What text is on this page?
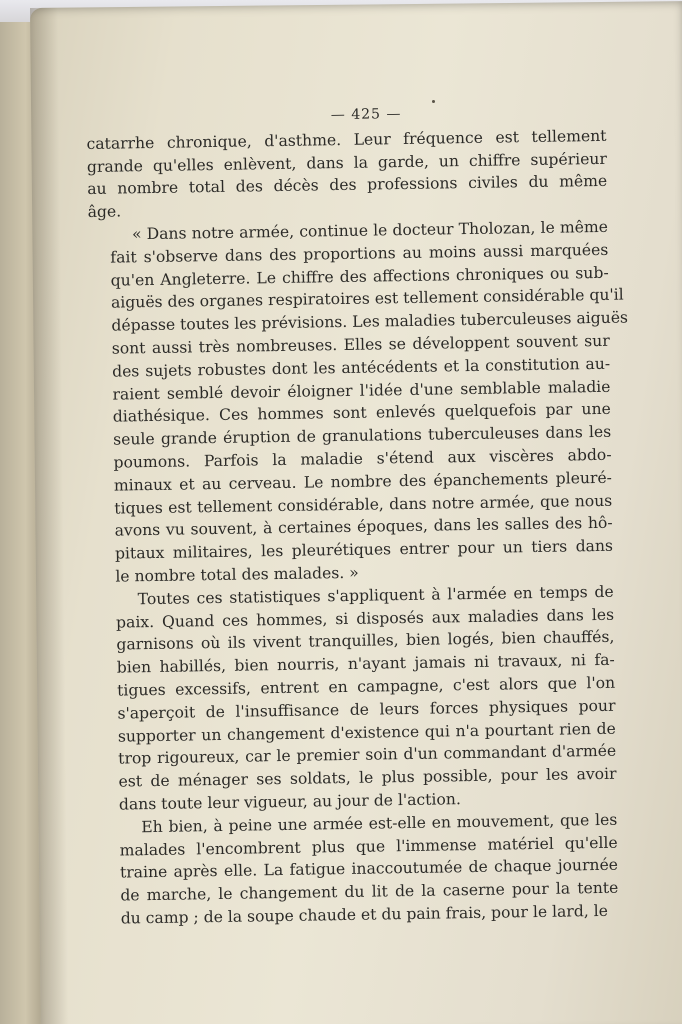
— 425 —
catarrhe chronique, d'asthme. Leur fréquence est tellement
grande qu'elles enlèvent, dans la garde, un chiffre supérieur
au nombre total des décès des professions civiles du même
âge.
« Dans notre armée, continue le docteur Tholozan, le même
fait s'observe dans des proportions au moins aussi marquées
qu'en Angleterre. Le chiffre des affections chroniques ou sub-
aiguës des organes respiratoires est tellement considérable qu'il
dépasse toutes les prévisions. Les maladies tuberculeuses aiguës
sont aussi très nombreuses. Elles se développent souvent sur
des sujets robustes dont les antécédents et la constitution au-
raient semblé devoir éloigner l'idée d'une semblable maladie
diathésique. Ces hommes sont enlevés quelquefois par une
seule grande éruption de granulations tuberculeuses dans les
poumons. Parfois la maladie s'étend aux viscères abdo-
minaux et au cerveau. Le nombre des épanchements pleuré-
tiques est tellement considérable, dans notre armée, que nous
avons vu souvent, à certaines époques, dans les salles des hô-
pitaux militaires, les pleurétiques entrer pour un tiers dans
le nombre total des malades. »
Toutes ces statistiques s'appliquent à l'armée en temps de
paix. Quand ces hommes, si disposés aux maladies dans les
garnisons où ils vivent tranquilles, bien logés, bien chauffés,
bien habillés, bien nourris, n'ayant jamais ni travaux, ni fa-
tigues excessifs, entrent en campagne, c'est alors que l'on
s'aperçoit de l'insuffisance de leurs forces physiques pour
supporter un changement d'existence qui n'a pourtant rien de
trop rigoureux, car le premier soin d'un commandant d'armée
est de ménager ses soldats, le plus possible, pour les avoir
dans toute leur vigueur, au jour de l'action.
Eh bien, à peine une armée est-elle en mouvement, que les
malades l'encombrent plus que l'immense matériel qu'elle
traine après elle. La fatigue inaccoutumée de chaque journée
de marche, le changement du lit de la caserne pour la tente
du camp ; de la soupe chaude et du pain frais, pour le lard, le
